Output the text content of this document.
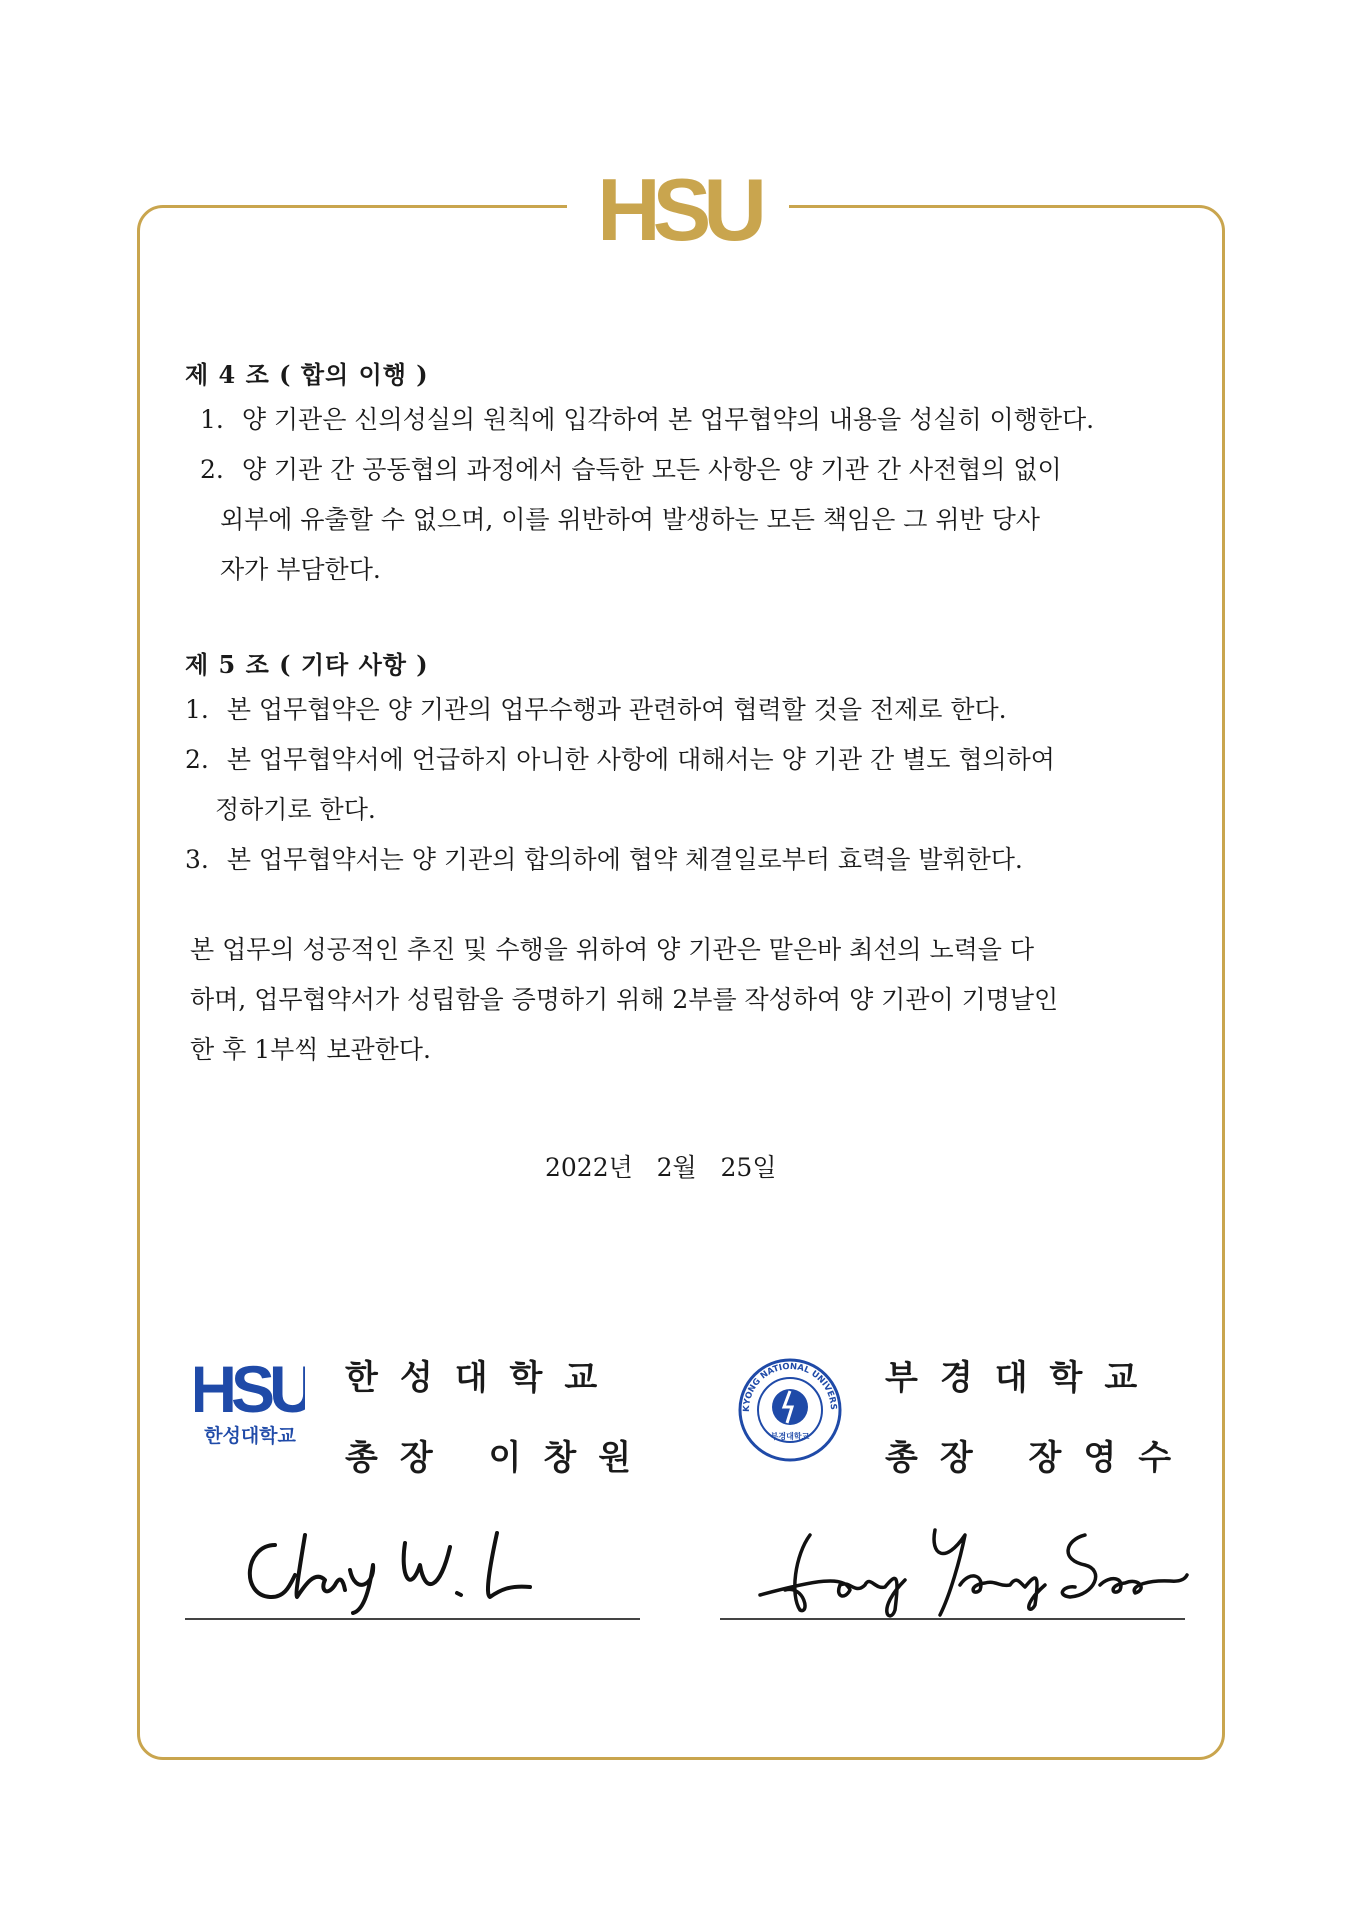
HSU
제 4 조 ( 합의 이행 )
1. 양 기관은 신의성실의 원칙에 입각하여 본 업무협약의 내용을 성실히 이행한다.
2. 양 기관 간 공동협의 과정에서 습득한 모든 사항은 양 기관 간 사전협의 없이
외부에 유출할 수 없으며, 이를 위반하여 발생하는 모든 책임은 그 위반 당사
자가 부담한다.
제 5 조 ( 기타 사항 )
1. 본 업무협약은 양 기관의 업무수행과 관련하여 협력할 것을 전제로 한다.
2. 본 업무협약서에 언급하지 아니한 사항에 대해서는 양 기관 간 별도 협의하여
정하기로 한다.
3. 본 업무협약서는 양 기관의 합의하에 협약 체결일로부터 효력을 발휘한다.
본 업무의 성공적인 추진 및 수행을 위하여 양 기관은 맡은바 최선의 노력을 다
하며, 업무협약서가 성립함을 증명하기 위해 2부를 작성하여 양 기관이 기명날인
한 후 1부씩 보관한다.
2022년 2월 25일
HSU
한성대학교
한성대학교
총장 이창원
KYONG NATIONAL UNIVERS
부경대학교
부경대학교
총장 장영수
